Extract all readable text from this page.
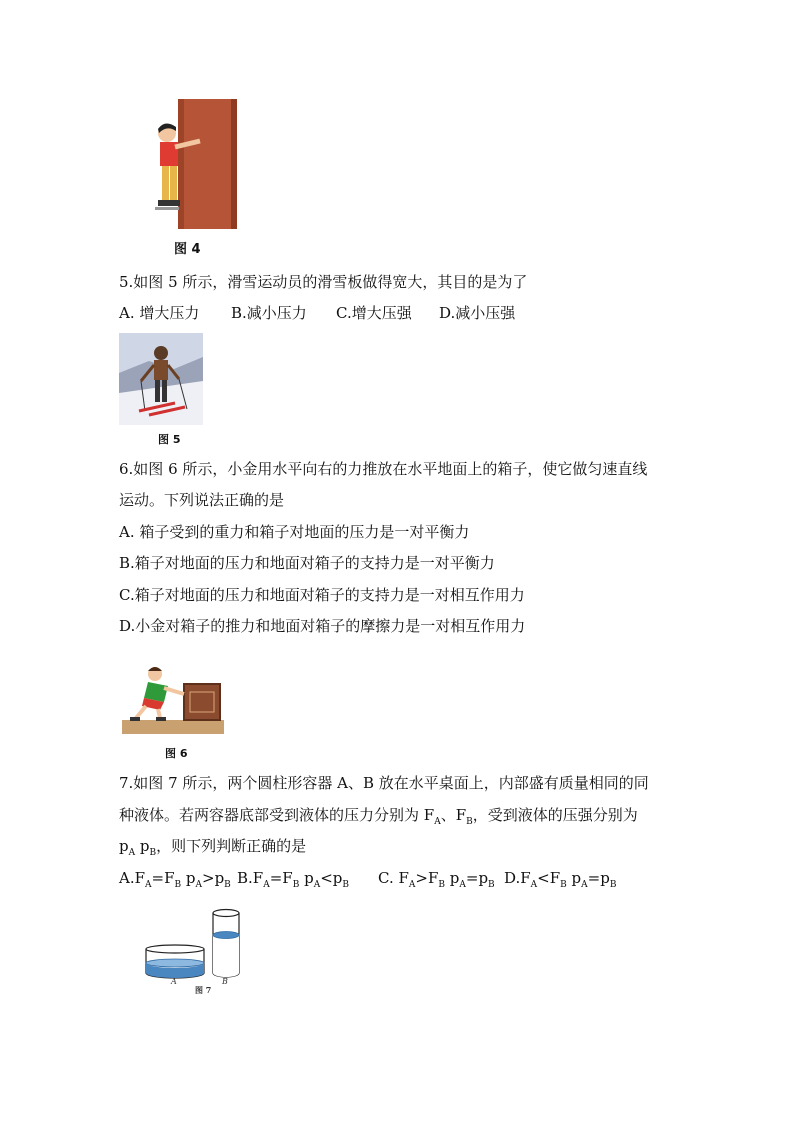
图 4
5.如图 5 所示，滑雪运动员的滑雪板做得宽大，其目的是为了
A. 增大压力 B.减小压力 C.增大压强 D.减小压强
图 5
6.如图 6 所示，小金用水平向右的力推放在水平地面上的箱子，使它做匀速直线
运动。下列说法正确的是
A. 箱子受到的重力和箱子对地面的压力是一对平衡力
B.箱子对地面的压力和地面对箱子的支持力是一对平衡力
C.箱子对地面的压力和地面对箱子的支持力是一对相互作用力
D.小金对箱子的推力和地面对箱子的摩擦力是一对相互作用力
图 6
7.如图 7 所示，两个圆柱形容器 A、B 放在水平桌面上，内部盛有质量相同的同
种液体。若两容器底部受到液体的压力分别为 $F_A$、$F_B$，受到液体的压强分别为
$p_A$ $p_B$，则下列判断正确的是
$A.F_A=F_B$ $p_A>p_B$ $B.F_A=F_B$ $p_A<p_B$ C. $F_A>F_B$ $p_A=p_B$ $D.F_A<F_B$ $p_A=p_B$
A	B
图 7
